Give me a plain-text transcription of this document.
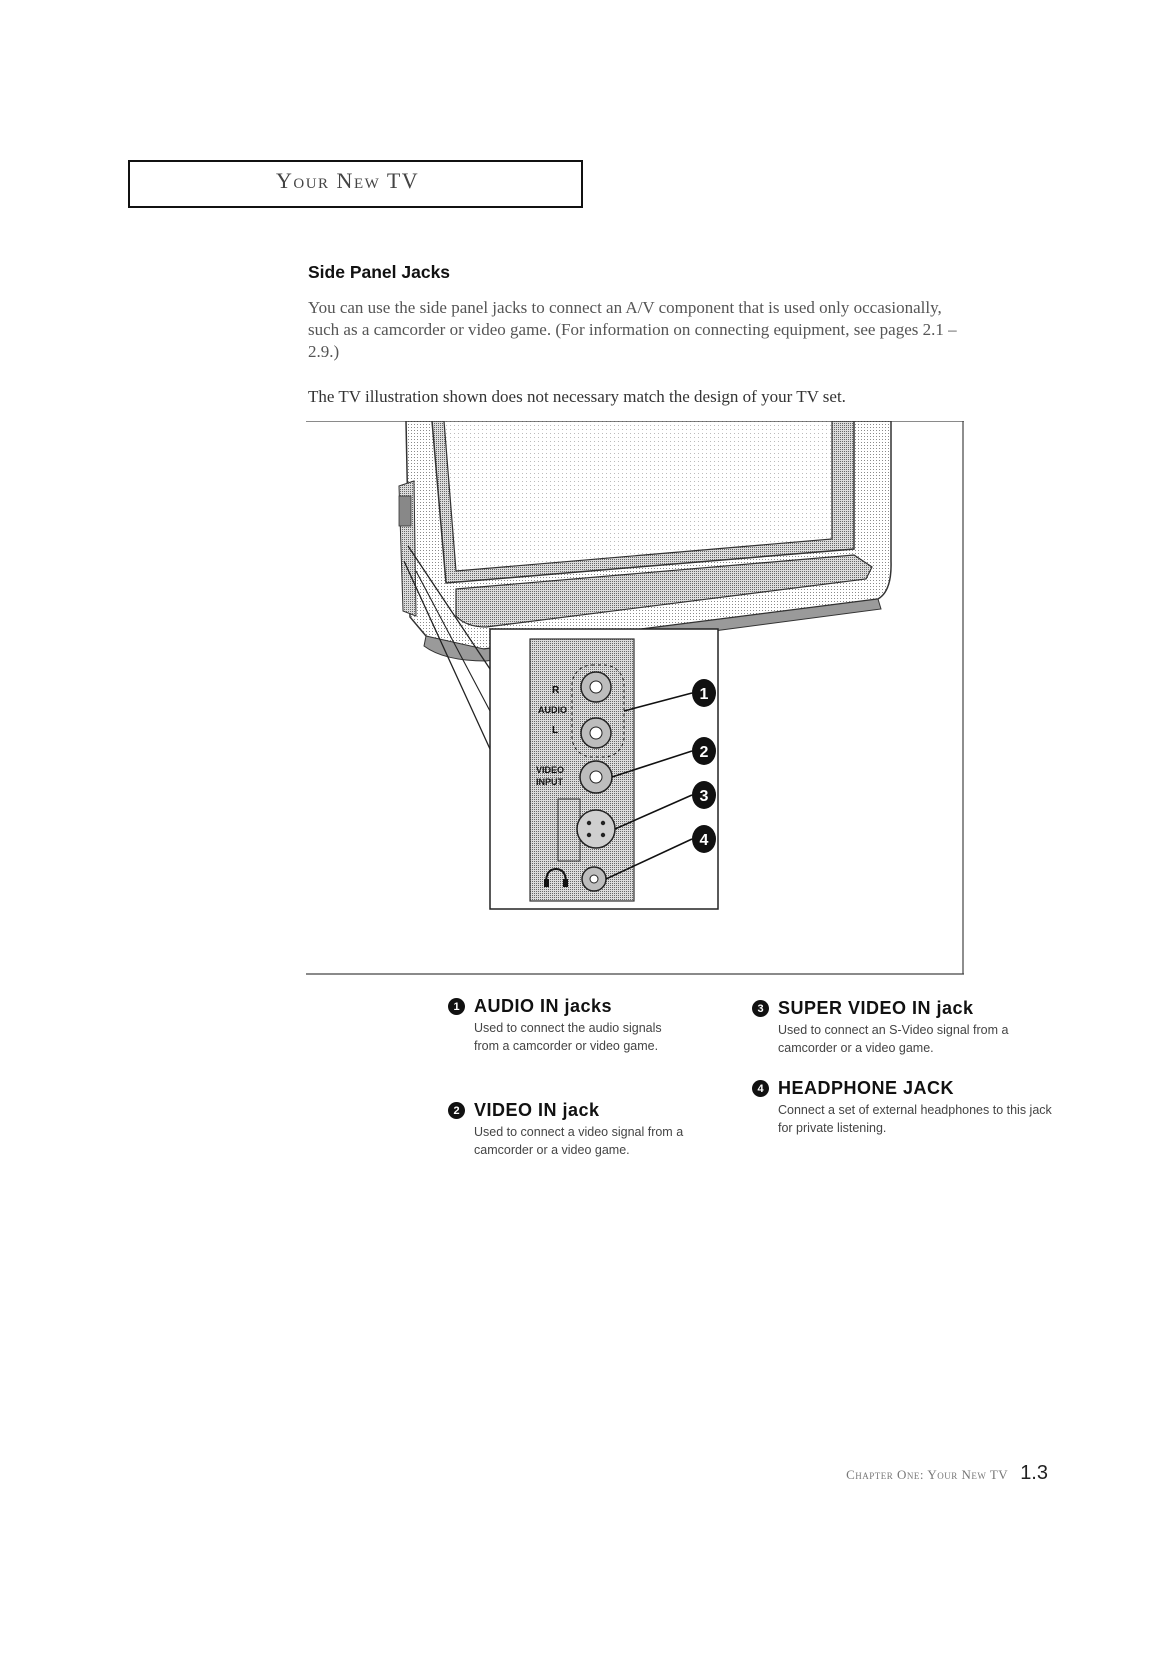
Your New TV
Side Panel Jacks

You can use the side panel jacks to connect an A/V component that is used only occasionally, such as a camcorder or video game. (For information on connecting equipment, see pages 2.1 – 2.9.)

The TV illustration shown does not necessary match the design of your TV set.

R
AUDIO
L
VIDEO
INPUT
1
2
3
4
1 AUDIO IN jacks
Used to connect the audio signals from a camcorder or video game.
2 VIDEO IN jack
Used to connect a video signal from a camcorder or a video game.
3 SUPER VIDEO IN jack
Used to connect an S-Video signal from a camcorder or a video game.
4 HEADPHONE JACK
Connect a set of external headphones to this jack for private listening.
Chapter One: Your New TV 1.3
